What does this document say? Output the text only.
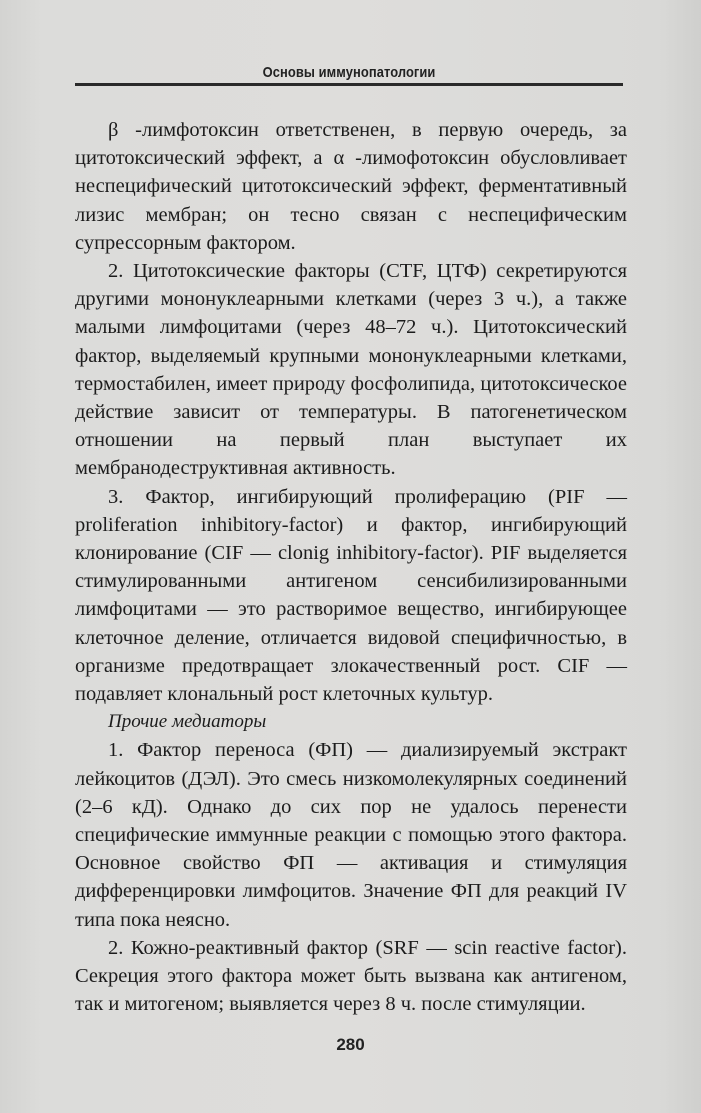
Основы иммунопатологии

β -лимфотоксин ответственен, в первую очередь, за цитотоксический эффект, а α -лимофотоксин обусловливает неспецифический цитотоксический эффект, ферментативный лизис мембран; он тесно связан с неспецифическим супрессорным фактором.

2. Цитотоксические факторы (СТF, ЦТФ) секретируются другими мононуклеарными клетками (через 3 ч.), а также малыми лимфоцитами (через 48–72 ч.). Цитотоксический фактор, выделяемый крупными мононуклеарными клетками, термостабилен, имеет природу фосфолипида, цитотоксическое действие зависит от температуры. В патогенетическом отношении на первый план выступает их мембранодеструктивная активность.

3. Фактор, ингибирующий пролиферацию (PIF — proliferation inhibitory-factor) и фактор, ингибирующий клонирование (CIF — clonig inhibitory-factor). PIF выделяется стимулированными антигеном сенсибилизированными лимфоцитами — это растворимое вещество, ингибирующее клеточное деление, отличается видовой специфичностью, в организме предотвращает злокачественный рост. CIF — подавляет клональный рост клеточных культур.

Прочие медиаторы

1. Фактор переноса (ФП) — диализируемый экстракт лейкоцитов (ДЭЛ). Это смесь низкомолекулярных соединений (2–6 кД). Однако до сих пор не удалось перенести специфические иммунные реакции с помощью этого фактора. Основное свойство ФП — активация и стимуляция дифференцировки лимфоцитов. Значение ФП для реакций IV типа пока неясно.

2. Кожно-реактивный фактор (SRF — scin reactive factor). Секреция этого фактора может быть вызвана как антигеном, так и митогеном; выявляется через 8 ч. после стимуляции.

280
